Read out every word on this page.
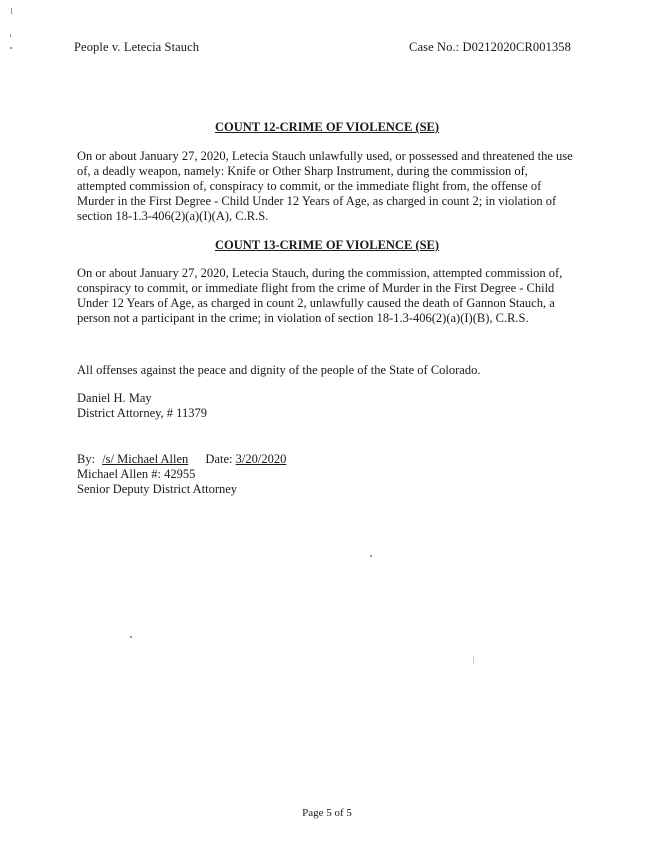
People v. Letecia Stauch	Case No.: D0212020CR001358
COUNT 12-CRIME OF VIOLENCE (SE)
On or about January 27, 2020, Letecia Stauch unlawfully used, or possessed and threatened the use of, a deadly weapon, namely: Knife or Other Sharp Instrument, during the commission of, attempted commission of, conspiracy to commit, or the immediate flight from, the offense of Murder in the First Degree - Child Under 12 Years of Age, as charged in count 2; in violation of section 18-1.3-406(2)(a)(I)(A), C.R.S.
COUNT 13-CRIME OF VIOLENCE (SE)
On or about January 27, 2020, Letecia Stauch, during the commission, attempted commission of, conspiracy to commit, or immediate flight from the crime of Murder in the First Degree - Child Under 12 Years of Age, as charged in count 2, unlawfully caused the death of Gannon Stauch, a person not a participant in the crime; in violation of section 18-1.3-406(2)(a)(I)(B), C.R.S.
All offenses against the peace and dignity of the people of the State of Colorado.
Daniel H. May
District Attorney, # 11379
By: /s/ Michael Allen Date: 3/20/2020
Michael Allen #: 42955
Senior Deputy District Attorney
Page 5 of 5
